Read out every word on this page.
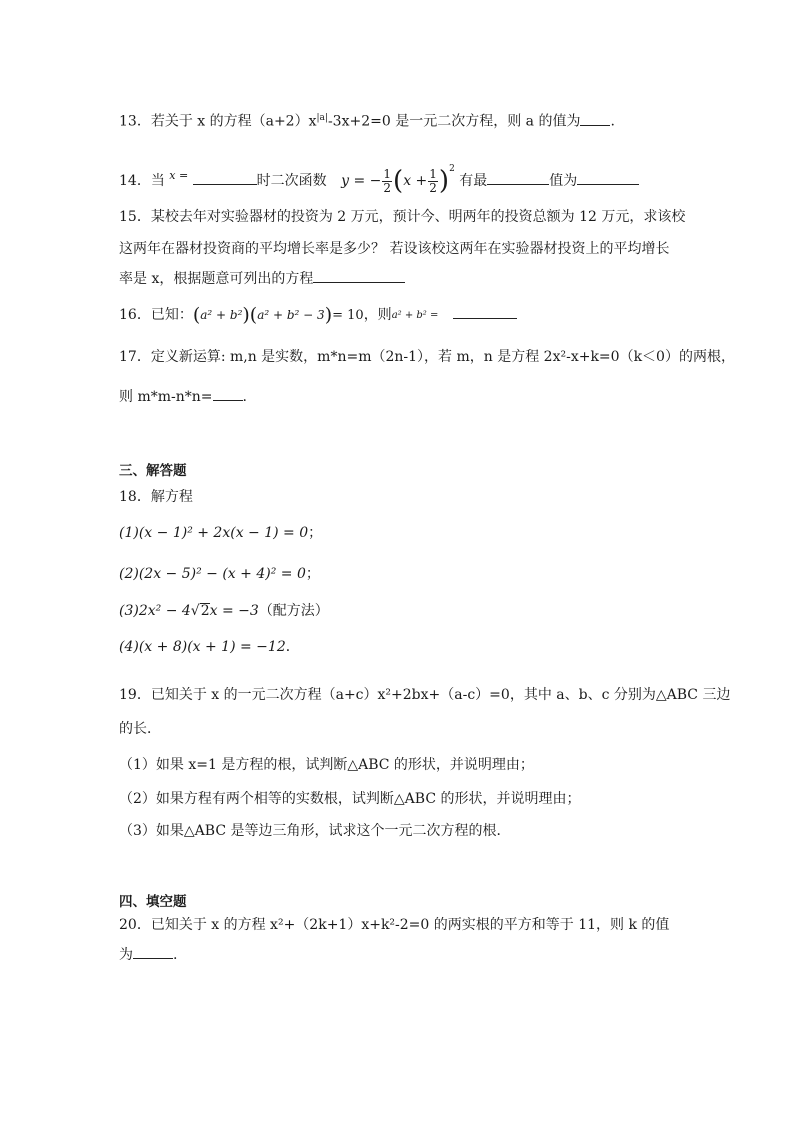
13．若关于 x 的方程$(a+2)x^{|a|}-3x+2=0$ 是一元二次方程，则 a 的值为 .
14．当 $^{x =}$	时二次函数 y = − $\frac{1}{2} (x + \frac{1}{2} )^2$ 有最	值为
15．某校去年对实验器材的投资为 2 万元，预计今、明两年的投资总额为 12 万元，求该校
这两年在器材投资商的平均增长率是多少？ 若设该校这两年在实验器材投资上的平均增长
率是 x，根据题意可列出的方程
16．已知：(a² + b²)(a² + b² − 3)= 10，则a² + b² =
17．定义新运算: m,n 是实数，m*n=m（2n-1），若 m，n 是方程 2x²-x+k=0（k＜0）的两根，
则 m*m-n*n= .
三、解答题
18．解方程
(1)(x − 1)² + 2x(x − 1) = 0；
(2)(2x − 5)² − (x + 4)² = 0；
(3)2x² − 4√2x = −3（配方法）
(4)(x + 8)(x + 1) = −12．
19．已知关于 x 的一元二次方程（a+c）x²+2bx+（a-c）=0，其中 a、b、c 分别为△ABC 三边
的长．
（1）如果 x=1 是方程的根，试判断△ABC 的形状，并说明理由；
（2）如果方程有两个相等的实数根，试判断△ABC 的形状，并说明理由；
（3）如果△ABC 是等边三角形，试求这个一元二次方程的根．
四、填空题
20．已知关于 x 的方程 x²+（2k+1）x+k²-2=0 的两实根的平方和等于 11，则 k 的值
为	.
